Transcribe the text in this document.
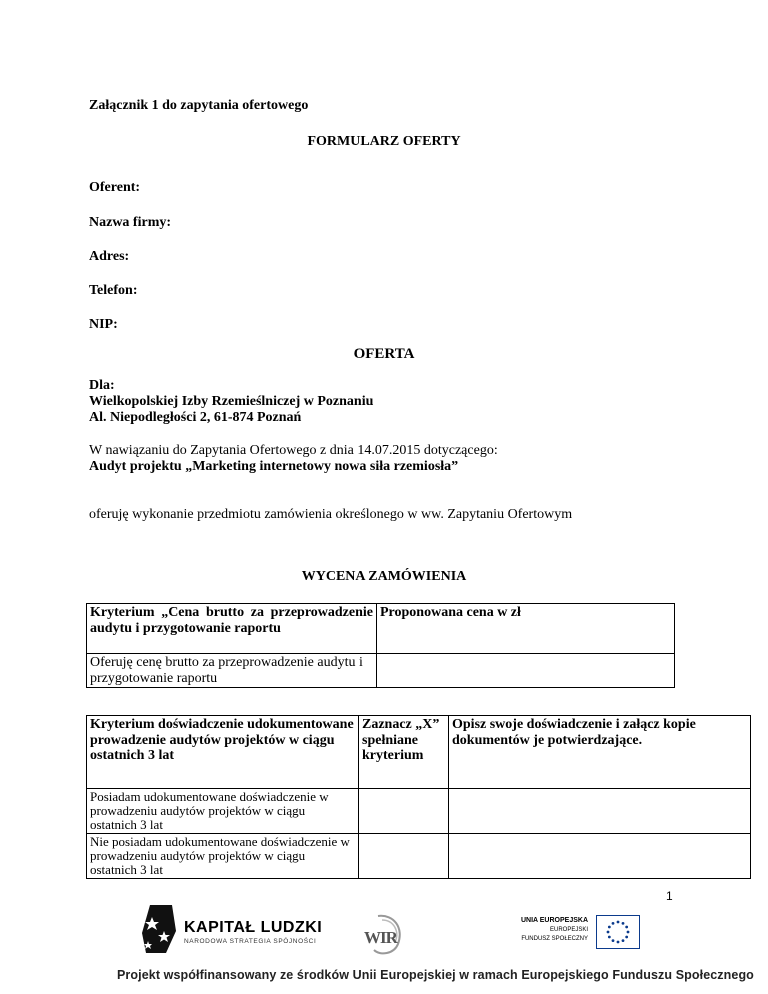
Załącznik 1 do zapytania ofertowego
FORMULARZ OFERTY
Oferent:
Nazwa firmy:
Adres:
Telefon:
NIP:
OFERTA
Dla:
Wielkopolskiej Izby Rzemieślniczej w Poznaniu
Al. Niepodległości 2, 61-874 Poznań
W nawiązaniu do Zapytania Ofertowego z dnia 14.07.2015 dotyczącego:
Audyt projektu „Marketing internetowy nowa siła rzemiosła”
oferuję wykonanie przedmiotu zamówienia określonego w ww. Zapytaniu Ofertowym
WYCENA ZAMÓWIENIA
Kryterium „Cena brutto za przeprowadzenie audytu i przygotowanie raportu	Proponowana cena w zł
Oferuję cenę brutto za przeprowadzenie audytu i przygotowanie raportu	
Kryterium doświadczenie udokumentowane prowadzenie audytów projektów w ciągu ostatnich 3 lat	Zaznacz „X” spełniane kryterium	Opisz swoje doświadczenie i załącz kopie dokumentów je potwierdzające.
Posiadam udokumentowane doświadczenie w prowadzeniu audytów projektów w ciągu ostatnich 3 lat		
Nie posiadam udokumentowane doświadczenie w prowadzeniu audytów projektów w ciągu ostatnich 3 lat		
1
KAPITAŁ LUDZKI
NARODOWA STRATEGIA SPÓJNOŚCI	WIR
UNIA EUROPEJSKA
EUROPEJSKI
FUNDUSZ SPOŁECZNY
Projekt współfinansowany ze środków Unii Europejskiej w ramach Europejskiego Funduszu Społecznego
